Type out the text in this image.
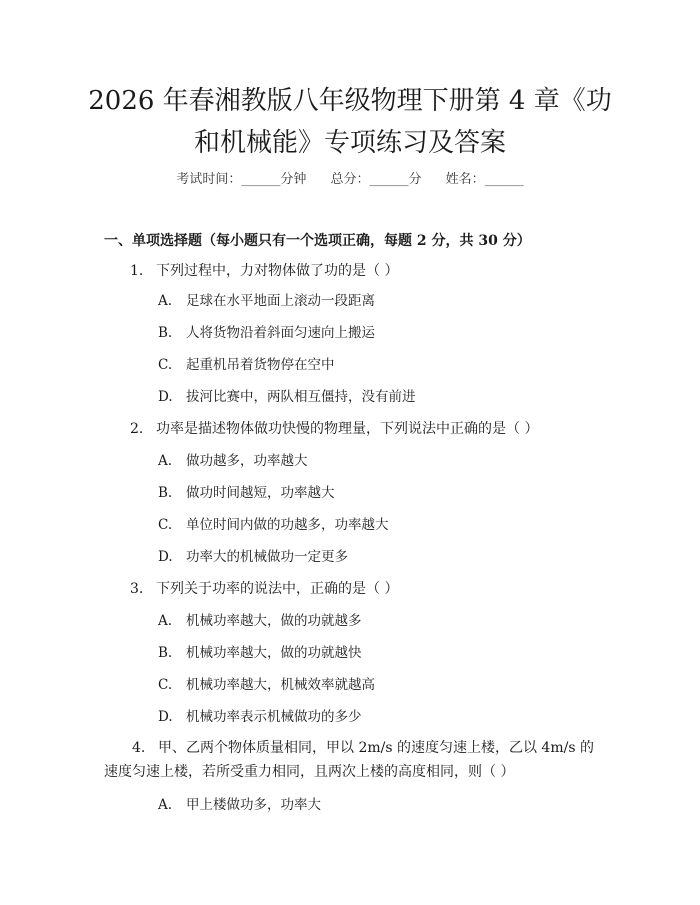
2026 年春湘教版八年级物理下册第 4 章《功
和机械能》专项练习及答案
考试时间：______分钟 总分：______分 姓名：______
一、单项选择题（每小题只有一个选项正确，每题 2 分，共 30 分）
1. 下列过程中，力对物体做了功的是（ ）
A. 足球在水平地面上滚动一段距离
B. 人将货物沿着斜面匀速向上搬运
C. 起重机吊着货物停在空中
D. 拔河比赛中，两队相互僵持，没有前进
2. 功率是描述物体做功快慢的物理量，下列说法中正确的是（ ）
A. 做功越多，功率越大
B. 做功时间越短，功率越大
C. 单位时间内做的功越多，功率越大
D. 功率大的机械做功一定更多
3. 下列关于功率的说法中，正确的是（ ）
A. 机械功率越大，做的功就越多
B. 机械功率越大，做的功就越快
C. 机械功率越大，机械效率就越高
D. 机械功率表示机械做功的多少
4. 甲、乙两个物体质量相同，甲以 2m/s 的速度匀速上楼，乙以 4m/s 的速度匀速上楼，若所受重力相同，且两次上楼的高度相同，则（ ）
A. 甲上楼做功多，功率大
